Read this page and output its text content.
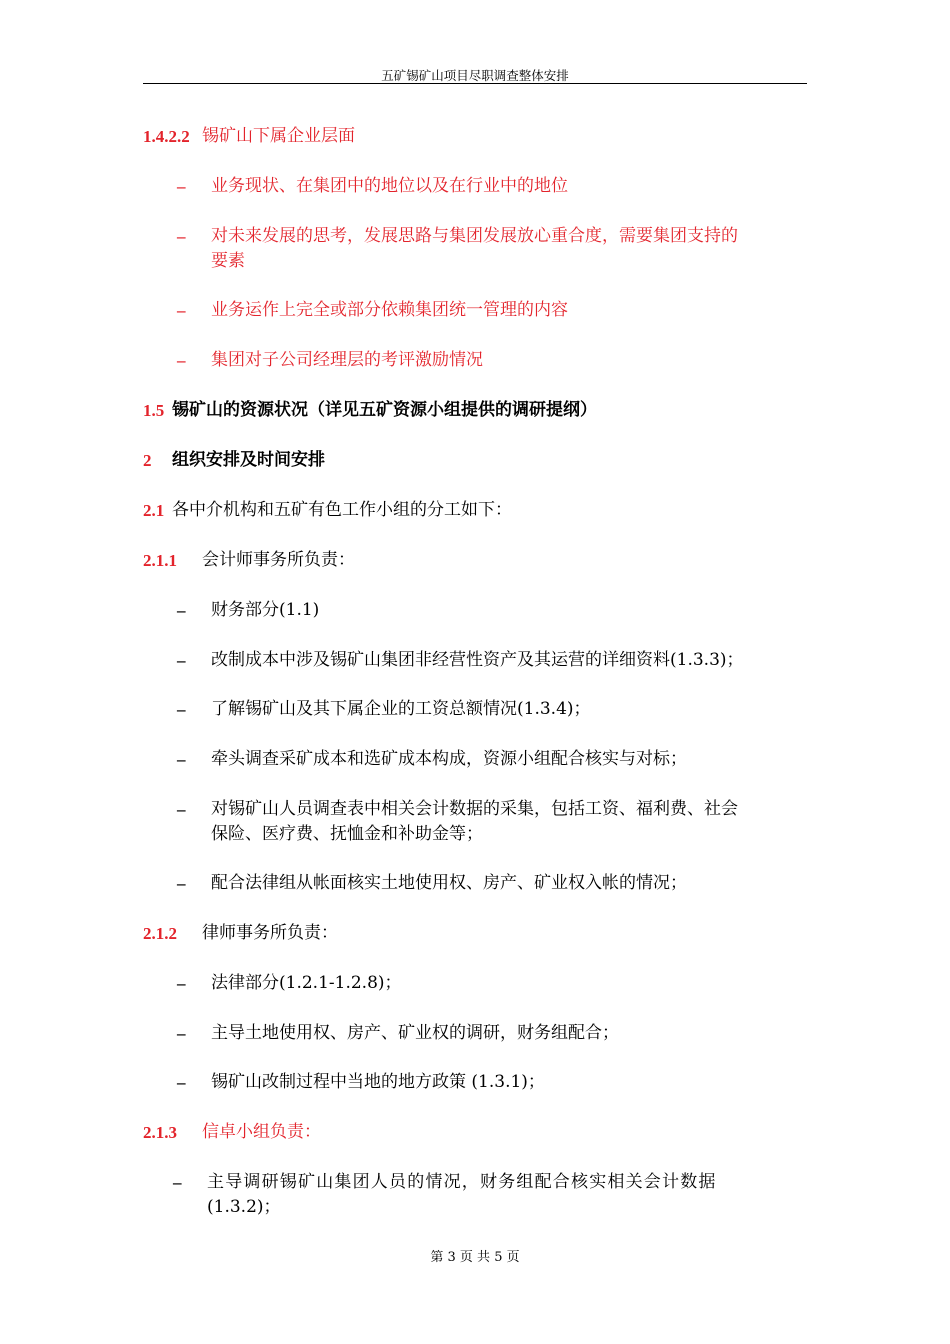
五矿锡矿山项目尽职调查整体安排
1.4.2.2 锡矿山下属企业层面
– 业务现状、在集团中的地位以及在行业中的地位
– 对未来发展的思考，发展思路与集团发展放心重合度，需要集团支持的
要素
– 业务运作上完全或部分依赖集团统一管理的内容
– 集团对子公司经理层的考评激励情况
1.5 锡矿山的资源状况（详见五矿资源小组提供的调研提纲）
2 组织安排及时间安排
2.1 各中介机构和五矿有色工作小组的分工如下：
2.1.1 会计师事务所负责：
– 财务部分(1.1)
– 改制成本中涉及锡矿山集团非经营性资产及其运营的详细资料(1.3.3)；
– 了解锡矿山及其下属企业的工资总额情况(1.3.4)；
– 牵头调查采矿成本和选矿成本构成，资源小组配合核实与对标；
– 对锡矿山人员调查表中相关会计数据的采集，包括工资、福利费、社会
保险、医疗费、抚恤金和补助金等；
– 配合法律组从帐面核实土地使用权、房产、矿业权入帐的情况；
2.1.2 律师事务所负责：
– 法律部分(1.2.1-1.2.8)；
– 主导土地使用权、房产、矿业权的调研，财务组配合；
– 锡矿山改制过程中当地的地方政策 (1.3.1)；
2.1.3 信卓小组负责：
– 主导调研锡矿山集团人员的情况，财务组配合核实相关会计数据
(1.3.2)；
第 3 页 共 5 页
